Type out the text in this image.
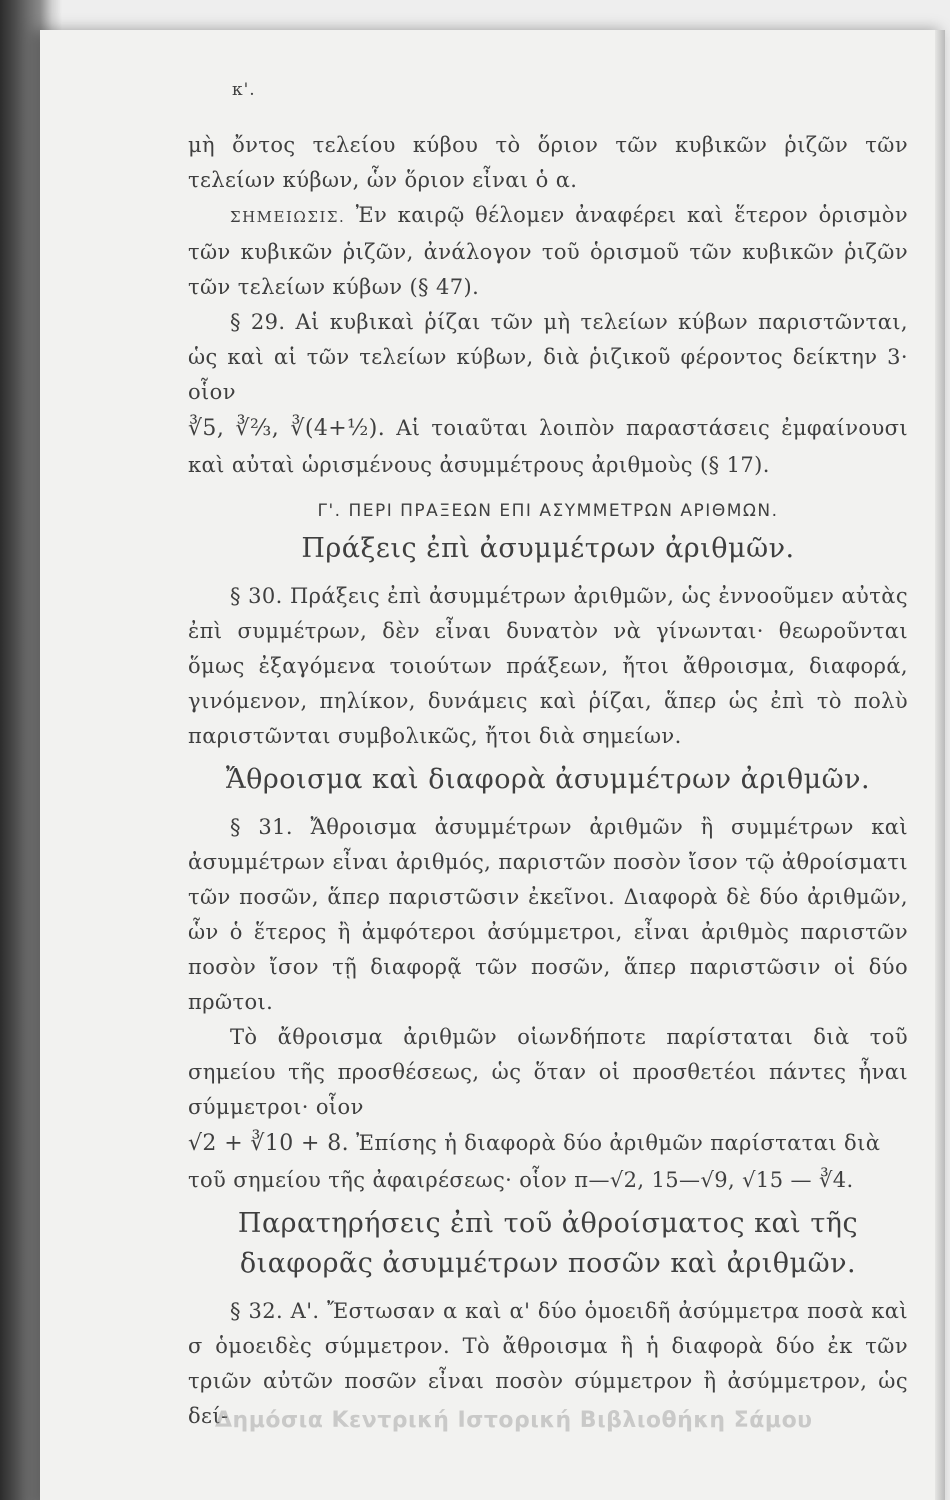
κ'.

μὴ ὄντος τελείου κύβου τὸ ὅριον τῶν κυβικῶν ῥιζῶν τῶν τελείων κύβων, ὧν ὅριον εἶναι ὁ α.

ΣΗΜΕΙΩΣΙΣ. Ἐν καιρῷ θέλομεν ἀναφέρει καὶ ἕτερον ὁρισμὸν τῶν κυβικῶν ῥιζῶν, ἀνάλογον τοῦ ὁρισμοῦ τῶν κυβικῶν ῥιζῶν τῶν τελείων κύβων (§ 47).

§ 29. Αἱ κυβικαὶ ῥίζαι τῶν μὴ τελείων κύβων παριστῶνται, ὡς καὶ αἱ τῶν τελείων κύβων, διὰ ῥιζικοῦ φέροντος δείκτην 3· οἷον

∛5, ∛⅔, ∛(4+½). Αἱ τοιαῦται λοιπὸν παραστάσεις ἐμφαίνουσι καὶ αὐταὶ ὡρισμένους ἀσυμμέτρους ἀριθμοὺς (§ 17).

Γ'. ΠΕΡΙ ΠΡΑΞΕΩΝ ΕΠΙ ΑΣΥΜΜΕΤΡΩΝ ΑΡΙΘΜΩΝ.
Πράξεις ἐπὶ ἀσυμμέτρων ἀριθμῶν.

§ 30. Πράξεις ἐπὶ ἀσυμμέτρων ἀριθμῶν, ὡς ἐννοοῦμεν αὐτὰς ἐπὶ συμμέτρων, δὲν εἶναι δυνατὸν νὰ γίνωνται· θεωροῦνται ὅμως ἐξαγόμενα τοιούτων πράξεων, ἤτοι ἄθροισμα, διαφορά, γινόμενον, πηλίκον, δυνάμεις καὶ ῥίζαι, ἅπερ ὡς ἐπὶ τὸ πολὺ παριστῶνται συμβολικῶς, ἤτοι διὰ σημείων.

Ἄθροισμα καὶ διαφορὰ ἀσυμμέτρων ἀριθμῶν.

§ 31. Ἄθροισμα ἀσυμμέτρων ἀριθμῶν ἢ συμμέτρων καὶ ἀσυμμέτρων εἶναι ἀριθμός, παριστῶν ποσὸν ἴσον τῷ ἀθροίσματι τῶν ποσῶν, ἅπερ παριστῶσιν ἐκεῖνοι. Διαφορὰ δὲ δύο ἀριθμῶν, ὧν ὁ ἕτερος ἢ ἀμφότεροι ἀσύμμετροι, εἶναι ἀριθμὸς παριστῶν ποσὸν ἴσον τῇ διαφορᾷ τῶν ποσῶν, ἅπερ παριστῶσιν οἱ δύο πρῶτοι.

Τὸ ἄθροισμα ἀριθμῶν οἱωνδήποτε παρίσταται διὰ τοῦ σημείου τῆς προσθέσεως, ὡς ὅταν οἱ προσθετέοι πάντες ἦναι σύμμετροι· οἷον

√2 + ∛10 + 8. Ἐπίσης ἡ διαφορὰ δύο ἀριθμῶν παρίσταται διὰ

τοῦ σημείου τῆς ἀφαιρέσεως· οἷον π—√2, 15—√9, √15 — ∛4.

Παρατηρήσεις ἐπὶ τοῦ ἀθροίσματος καὶ τῆς διαφορᾶς ἀσυμμέτρων ποσῶν καὶ ἀριθμῶν.

§ 32. Α'. Ἔστωσαν α καὶ α' δύο ὁμοειδῆ ἀσύμμετρα ποσὰ καὶ σ ὁμοειδὲς σύμμετρον. Τὸ ἄθροισμα ἢ ἡ διαφορὰ δύο ἐκ τῶν τριῶν αὐτῶν ποσῶν εἶναι ποσὸν σύμμετρον ἢ ἀσύμμετρον, ὡς δεί-

Δημόσια Κεντρική Ιστορική Βιβλιοθήκη Σάμου
